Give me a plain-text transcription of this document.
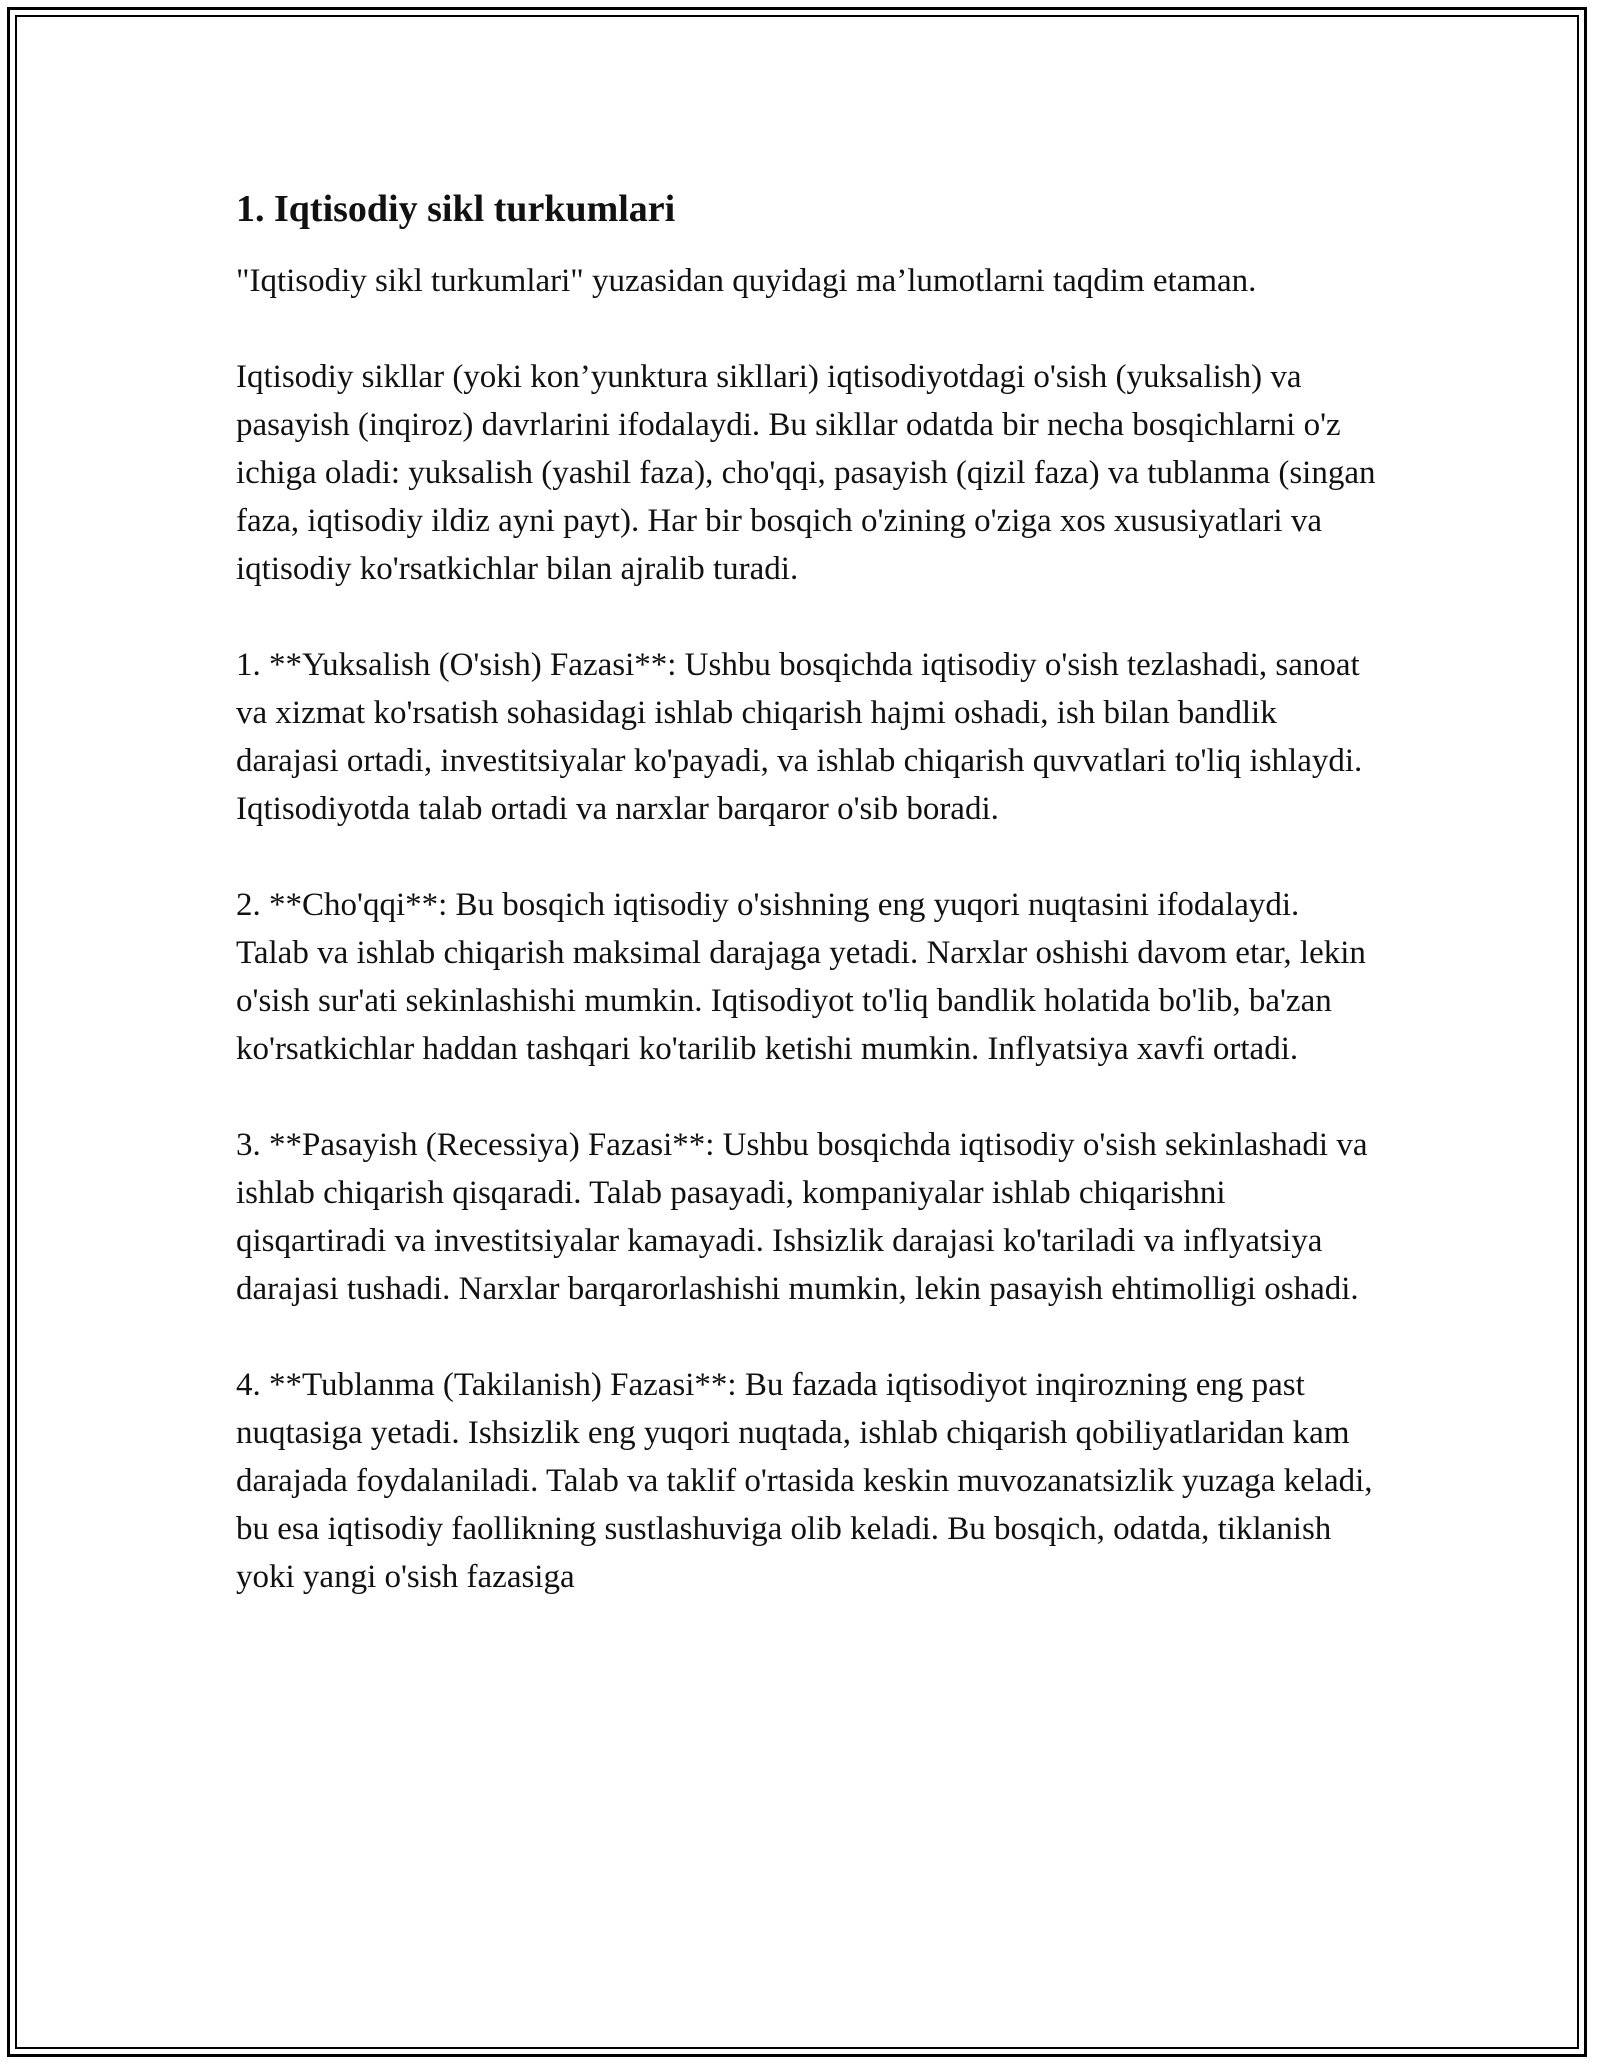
1. Iqtisodiy sikl turkumlari

"Iqtisodiy sikl turkumlari" yuzasidan quyidagi ma’lumotlarni taqdim etaman.

Iqtisodiy sikllar (yoki kon’yunktura sikllari) iqtisodiyotdagi o'sish (yuksalish) va pasayish (inqiroz) davrlarini ifodalaydi. Bu sikllar odatda bir necha bosqichlarni o'z ichiga oladi: yuksalish (yashil faza), cho'qqi, pasayish (qizil faza) va tublanma (singan faza, iqtisodiy ildiz ayni payt). Har bir bosqich o'zining o'ziga xos xususiyatlari va iqtisodiy ko'rsatkichlar bilan ajralib turadi.

1. **Yuksalish (O'sish) Fazasi**: Ushbu bosqichda iqtisodiy o'sish tezlashadi, sanoat va xizmat ko'rsatish sohasidagi ishlab chiqarish hajmi oshadi, ish bilan bandlik darajasi ortadi, investitsiyalar ko'payadi, va ishlab chiqarish quvvatlari to'liq ishlaydi. Iqtisodiyotda talab ortadi va narxlar barqaror o'sib boradi.

2. **Cho'qqi**: Bu bosqich iqtisodiy o'sishning eng yuqori nuqtasini ifodalaydi. Talab va ishlab chiqarish maksimal darajaga yetadi. Narxlar oshishi davom etar, lekin o'sish sur'ati sekinlashishi mumkin. Iqtisodiyot to'liq bandlik holatida bo'lib, ba'zan ko'rsatkichlar haddan tashqari ko'tarilib ketishi mumkin. Inflyatsiya xavfi ortadi.

3. **Pasayish (Recessiya) Fazasi**: Ushbu bosqichda iqtisodiy o'sish sekinlashadi va ishlab chiqarish qisqaradi. Talab pasayadi, kompaniyalar ishlab chiqarishni qisqartiradi va investitsiyalar kamayadi. Ishsizlik darajasi ko'tariladi va inflyatsiya darajasi tushadi. Narxlar barqarorlashishi mumkin, lekin pasayish ehtimolligi oshadi.

4. **Tublanma (Takilanish) Fazasi**: Bu fazada iqtisodiyot inqirozning eng past nuqtasiga yetadi. Ishsizlik eng yuqori nuqtada, ishlab chiqarish qobiliyatlaridan kam darajada foydalaniladi. Talab va taklif o'rtasida keskin muvozanatsizlik yuzaga keladi, bu esa iqtisodiy faollikning sustlashuviga olib keladi. Bu bosqich, odatda, tiklanish yoki yangi o'sish fazasiga
